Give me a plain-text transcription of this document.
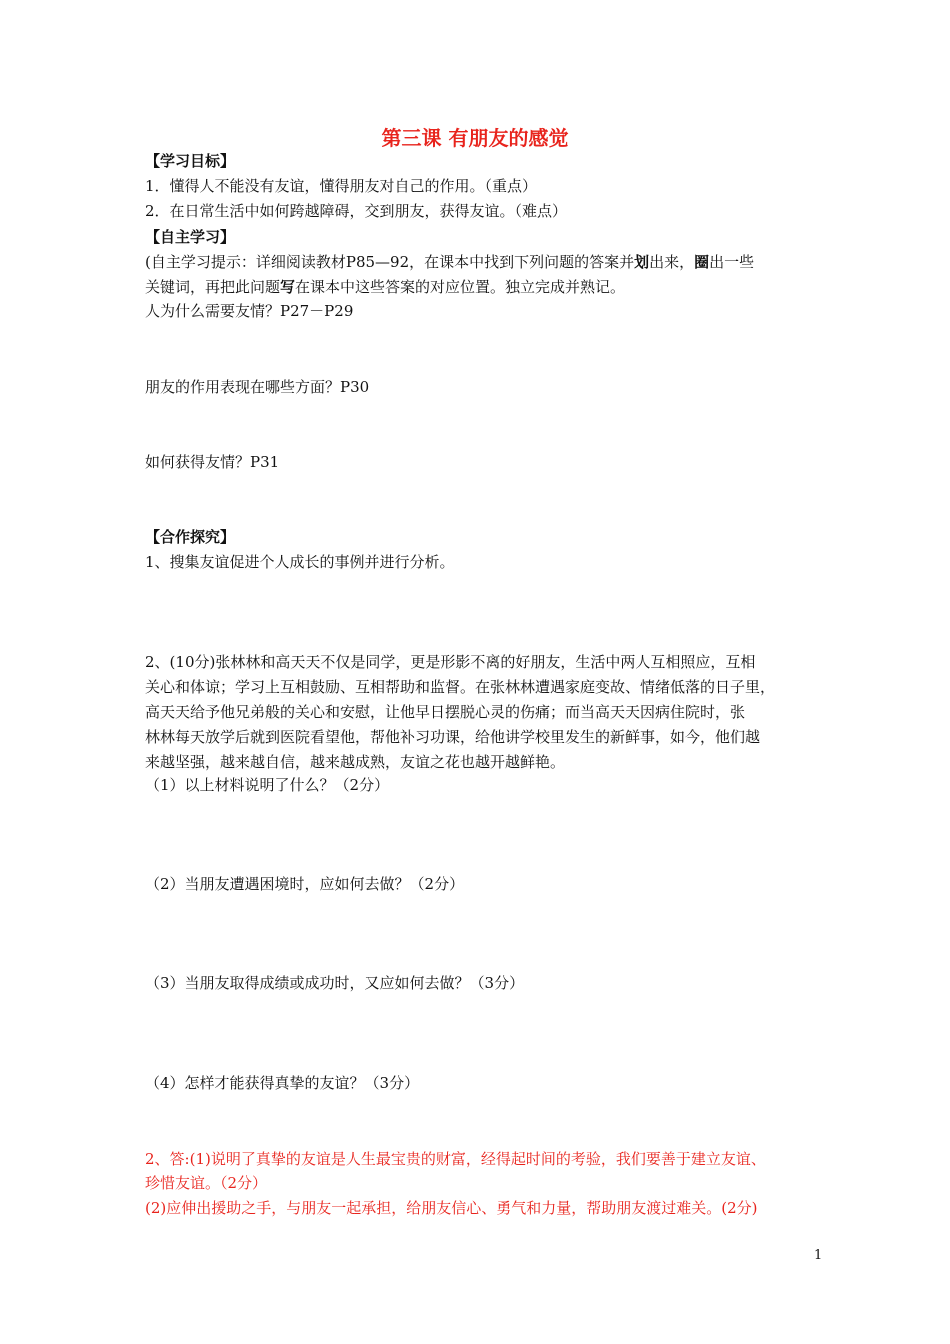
第三课 有朋友的感觉
【学习目标】
1．懂得人不能没有友谊，懂得朋友对自己的作用。（重点）
2．在日常生活中如何跨越障碍，交到朋友，获得友谊。（难点）
【自主学习】
(自主学习提示：详细阅读教材P85—92，在课本中找到下列问题的答案并划出来，圈出一些
关键词，再把此问题写在课本中这些答案的对应位置。独立完成并熟记。
人为什么需要友情？P27－P29
朋友的作用表现在哪些方面？P30
如何获得友情？P31
【合作探究】
1、搜集友谊促进个人成长的事例并进行分析。
2、(10分)张林林和高天天不仅是同学，更是形影不离的好朋友，生活中两人互相照应，互相
关心和体谅；学习上互相鼓励、互相帮助和监督。在张林林遭遇家庭变故、情绪低落的日子里，
高天天给予他兄弟般的关心和安慰，让他早日摆脱心灵的伤痛；而当高天天因病住院时，张
林林每天放学后就到医院看望他，帮他补习功课，给他讲学校里发生的新鲜事，如今，他们越
来越坚强，越来越自信，越来越成熟，友谊之花也越开越鲜艳。
（1）以上材料说明了什么？（2分）
（2）当朋友遭遇困境时，应如何去做？（2分）
（3）当朋友取得成绩或成功时，又应如何去做？（3分）
（4）怎样才能获得真挚的友谊？（3分）
2、答:(1)说明了真挚的友谊是人生最宝贵的财富，经得起时间的考验，我们要善于建立友谊、
珍惜友谊。（2分）
(2)应伸出援助之手，与朋友一起承担，给朋友信心、勇气和力量，帮助朋友渡过难关。(2分)
1
